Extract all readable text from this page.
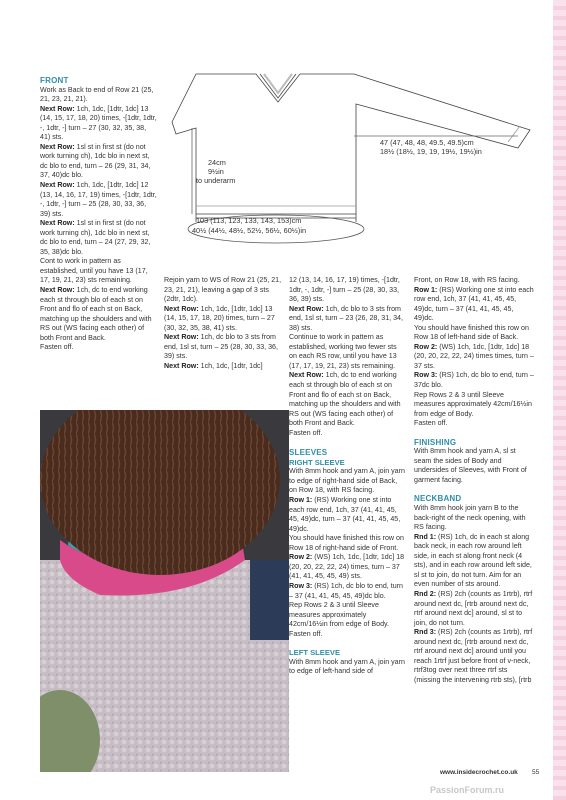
47 (47, 48, 48, 49.5, 49.5)cm
18½ (18½, 19, 19, 19½, 19½)in
24cm
9½in
to underarm
103 (113, 123, 133, 143, 153)cm
40½ (44½, 48½, 52½, 56½, 60½)in
FRONT

Work as Back to end of Row 21 (25, 21, 23, 21, 21).

Next Row: 1ch, 1dc, [1dtr, 1dc] 13 (14, 15, 17, 18, 20) times, -[1dtr, 1dtr, -, 1dtr, -] turn – 27 (30, 32, 35, 38, 41) sts.

Next Row: 1sl st in first st (do not work turning ch), 1dc blo in next st, dc blo to end, turn – 26 (29, 31, 34, 37, 40)dc blo.

Next Row: 1ch, 1dc, [1dtr, 1dc] 12 (13, 14, 16, 17, 19) times, -[1dtr, 1dtr, -, 1dtr, -] turn – 25 (28, 30, 33, 36, 39) sts.

Next Row: 1sl st in first st (do not work turning ch), 1dc blo in next st, dc blo to end, turn – 24 (27, 29, 32, 35, 38)dc blo.

Cont to work in pattern as established, until you have 13 (17, 17, 19, 21, 23) sts remaining.

Next Row: 1ch, dc to end working each st through blo of each st on Front and flo of each st on Back, matching up the shoulders and with RS out (WS facing each other) of both Front and Back.

Fasten off.

Rejoin yarn to WS of Row 21 (25, 21, 23, 21, 21), leaving a gap of 3 sts (2dtr, 1dc).

Next Row: 1ch, 1dc, [1dtr, 1dc] 13 (14, 15, 17, 18, 20) times, turn – 27 (30, 32, 35, 38, 41) sts.

Next Row: 1ch, dc blo to 3 sts from end, 1sl st, turn – 25 (28, 30, 33, 36, 39) sts.

Next Row: 1ch, 1dc, [1dtr, 1dc]

12 (13, 14, 16, 17, 19) times, -[1dtr, 1dtr, -, 1dtr, -] turn – 25 (28, 30, 33, 36, 39) sts.

Next Row: 1ch, dc blo to 3 sts from end, 1sl st, turn – 23 (26, 28, 31, 34, 38) sts.

Continue to work in pattern as established, working two fewer sts on each RS row, until you have 13 (17, 17, 19, 21, 23) sts remaining.

Next Row: 1ch, dc to end working each st through blo of each st on Front and flo of each st on Back, matching up the shoulders and with RS out (WS facing each other) of both Front and Back.

Fasten off.

SLEEVES
RIGHT SLEEVE

With 8mm hook and yarn A, join yarn to edge of right-hand side of Back, on Row 18, with RS facing.

Row 1: (RS) Working one st into each row end, 1ch, 37 (41, 41, 45, 45, 49)dc, turn – 37 (41, 41, 45, 45, 49)dc.

You should have finished this row on Row 18 of right-hand side of Front.

Row 2: (WS) 1ch, 1dc, [1dtr, 1dc] 18 (20, 20, 22, 22, 24) times, turn – 37 (41, 41, 45, 45, 49) sts.

Row 3: (RS) 1ch, dc blo to end, turn – 37 (41, 41, 45, 45, 49)dc blo.

Rep Rows 2 & 3 until Sleeve measures approximately 42cm/16½in from edge of Body.

Fasten off.

LEFT SLEEVE

With 8mm hook and yarn A, join yarn to edge of left-hand side of

Front, on Row 18, with RS facing.

Row 1: (RS) Working one st into each row end, 1ch, 37 (41, 41, 45, 45, 49)dc, turn – 37 (41, 41, 45, 45, 49)dc.

You should have finished this row on Row 18 of left-hand side of Back.

Row 2: (WS) 1ch, 1dc, [1dtr, 1dc] 18 (20, 20, 22, 22, 24) times times, turn – 37 sts.

Row 3: (RS) 1ch, dc blo to end, turn – 37dc blo.

Rep Rows 2 & 3 until Sleeve measures approximately 42cm/16½in from edge of Body.

Fasten off.

FINISHING

With 8mm hook and yarn A, sl st seam the sides of Body and undersides of Sleeves, with Front of garment facing.

NECKBAND

With 8mm hook join yarn B to the back-right of the neck opening, with RS facing.

Rnd 1: (RS) 1ch, dc in each st along back neck, in each row around left side, in each st along front neck (4 sts), and in each row around left side, sl st to join, do not turn. Aim for an even number of sts around.

Rnd 2: (RS) 2ch (counts as 1rtrb), rtrf around next dc, [rtrb around next dc, rtrf around next dc] around, sl st to join, do not turn.

Rnd 3: (RS) 2ch (counts as 1rtrb), rtrf around next dc, [rtrb around next dc, rtrf around next dc] around until you reach 1rtrf just before front of v-neck, rtrf3tog over next three rtrf sts (missing the intervening rtrb sts), [rtrb

www.insidecrochet.co.uk 55
PassionForum.ru
